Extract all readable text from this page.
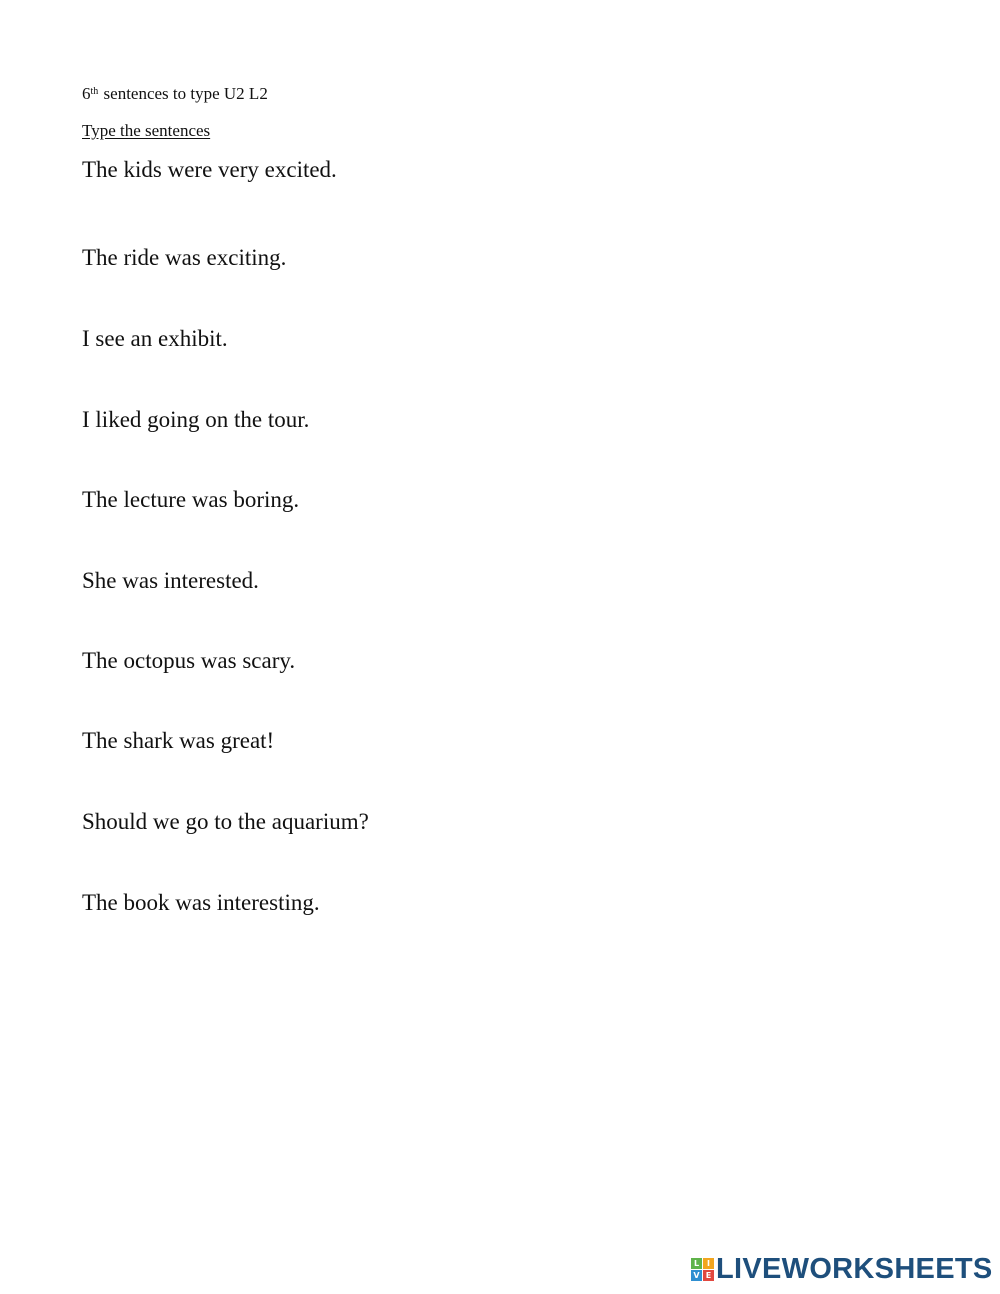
6th sentences to type U2 L2
Type the sentences
The kids were very excited.
The ride was exciting.
I see an exhibit.
I liked going on the tour.
The lecture was boring.
She was interested.
The octopus was scary.
The shark was great!
Should we go to the aquarium?
The book was interesting.
L I
V E LIVEWORKSHEETS
